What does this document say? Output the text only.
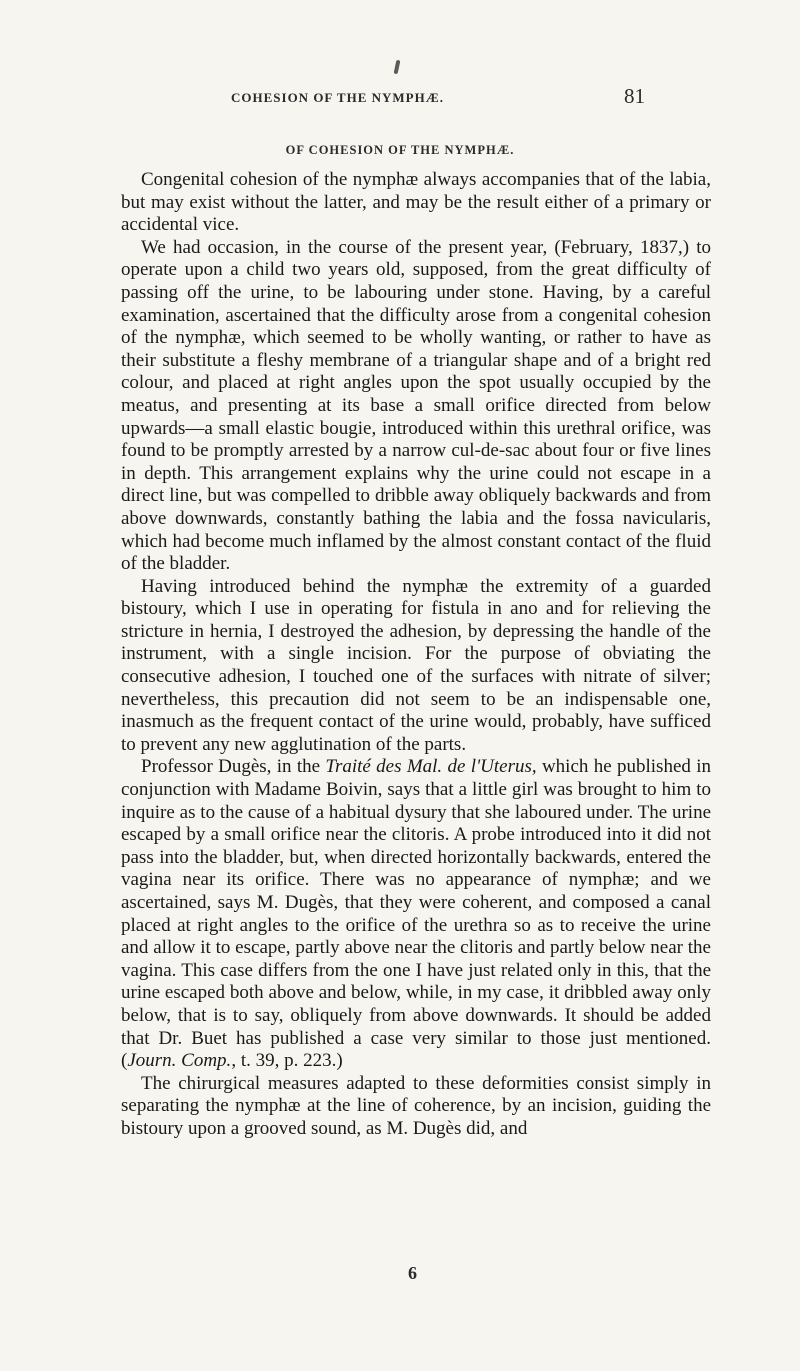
COHESION OF THE NYMPHÆ.	81
OF COHESION OF THE NYMPHÆ.

Congenital cohesion of the nymphæ always accompanies that of the labia, but may exist without the latter, and may be the result either of a primary or accidental vice.

We had occasion, in the course of the present year, (February, 1837,) to operate upon a child two years old, supposed, from the great difficulty of passing off the urine, to be labouring under stone. Having, by a careful examination, ascertained that the difficulty arose from a congenital cohesion of the nymphæ, which seemed to be wholly wanting, or rather to have as their substitute a fleshy membrane of a triangular shape and of a bright red colour, and placed at right angles upon the spot usually occupied by the meatus, and presenting at its base a small orifice directed from below upwards—a small elastic bougie, introduced within this urethral orifice, was found to be promptly arrested by a narrow cul-de-sac about four or five lines in depth. This arrangement explains why the urine could not escape in a direct line, but was compelled to dribble away obliquely backwards and from above downwards, constantly bathing the labia and the fossa navicularis, which had become much inflamed by the almost constant contact of the fluid of the bladder.

Having introduced behind the nymphæ the extremity of a guarded bistoury, which I use in operating for fistula in ano and for relieving the stricture in hernia, I destroyed the adhesion, by depressing the handle of the instrument, with a single incision. For the purpose of obviating the consecutive adhesion, I touched one of the surfaces with nitrate of silver; nevertheless, this precaution did not seem to be an indispensable one, inasmuch as the frequent contact of the urine would, probably, have sufficed to prevent any new agglutination of the parts.

Professor Dugès, in the Traité des Mal. de l'Uterus, which he published in conjunction with Madame Boivin, says that a little girl was brought to him to inquire as to the cause of a habitual dysury that she laboured under. The urine escaped by a small orifice near the clitoris. A probe introduced into it did not pass into the bladder, but, when directed horizontally backwards, entered the vagina near its orifice. There was no appearance of nymphæ; and we ascertained, says M. Dugès, that they were coherent, and composed a canal placed at right angles to the orifice of the urethra so as to receive the urine and allow it to escape, partly above near the clitoris and partly below near the vagina. This case differs from the one I have just related only in this, that the urine escaped both above and below, while, in my case, it dribbled away only below, that is to say, obliquely from above downwards. It should be added that Dr. Buet has published a case very similar to those just mentioned. (Journ. Comp., t. 39, p. 223.)

The chirurgical measures adapted to these deformities consist simply in separating the nymphæ at the line of coherence, by an incision, guiding the bistoury upon a grooved sound, as M. Dugès did, and

6
